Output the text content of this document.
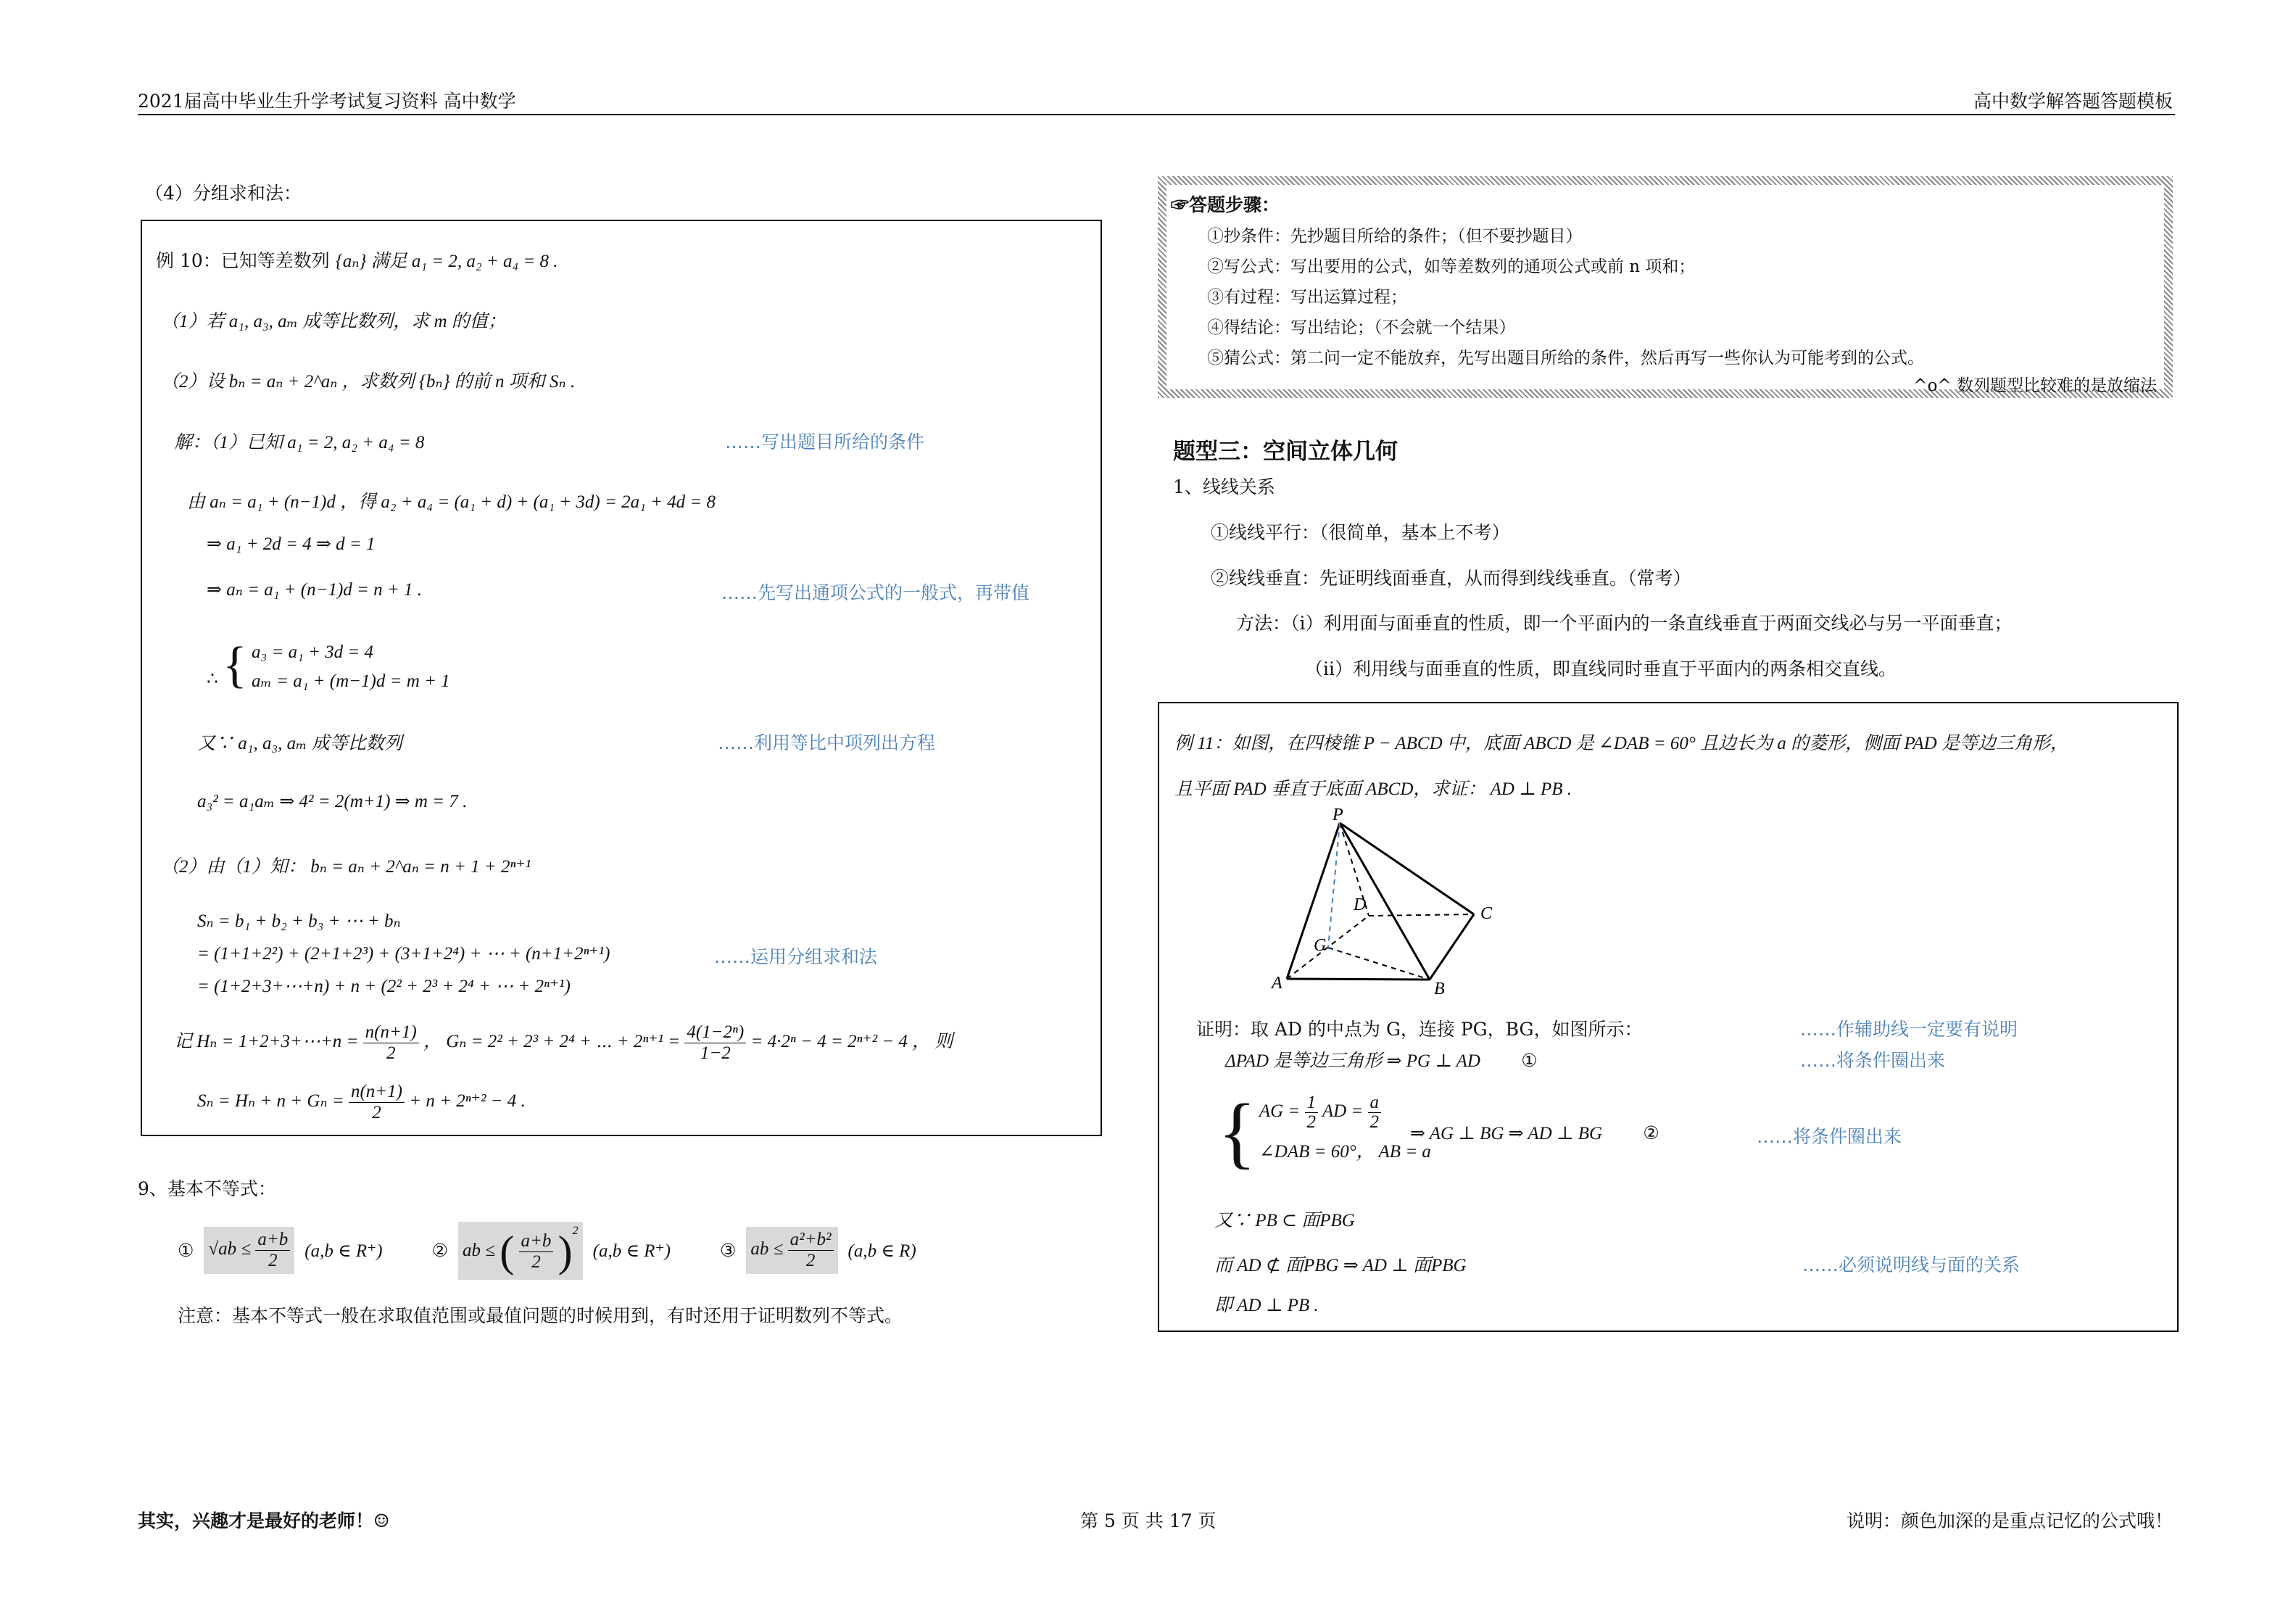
2021届高中毕业生升学考试复习资料 高中数学	高中数学解答题答题模板
（4）分组求和法：
例 10：已知等差数列 {aₙ} 满足 a₁ = 2, a₂ + a₄ = 8 .
（1）若 a₁, a₃, aₘ 成等比数列，求 m 的值；
（2）设 bₙ = aₙ + 2^aₙ ，求数列 {bₙ} 的前 n 项和 Sₙ .
解：（1）已知 a₁ = 2, a₂ + a₄ = 8	……写出题目所给的条件
由 aₙ = a₁ + (n−1)d ，得 a₂ + a₄ = (a₁ + d) + (a₁ + 3d) = 2a₁ + 4d = 8
⇒ a₁ + 2d = 4 ⇒ d = 1
⇒ aₙ = a₁ + (n−1)d = n + 1 .	……先写出通项公式的一般式，再带值
∴ { a₃ = a₁ + 3d = 4
aₘ = a₁ + (m−1)d = m + 1
又∵ a₁, a₃, aₘ 成等比数列	……利用等比中项列出方程
a₃² = a₁aₘ ⇒ 4² = 2(m+1) ⇒ m = 7 .
（2）由（1）知： bₙ = aₙ + 2^aₙ = n + 1 + 2ⁿ⁺¹
Sₙ = b₁ + b₂ + b₃ + ⋯ + bₙ
= (1+1+2²) + (2+1+2³) + (3+1+2⁴) + ⋯ + (n+1+2ⁿ⁺¹)	……运用分组求和法
= (1+2+3+⋯+n) + n + (2² + 2³ + 2⁴ + ⋯ + 2ⁿ⁺¹)
记 Hₙ = 1+2+3+⋯+n = $\frac{n(n+1)}{2}$ ， Gₙ = 2² + 2³ + 2⁴ + ⋯ + $2^{n+1} = \frac{\text{4(1−2ⁿ)}}{1-2} = 4\cdot 2^n - 4 = 2^{n+2} - 4$ ， 则
$S_n = H_n + n + G_n = \frac{n(n+1)}{2} + n + 2^{n+2} - 4$ .
9、基本不等式：
① $√ab \le \frac{a+b}{2} (a,b$ ∈ R⁺)	② ab ≤ ( $\frac{a+b}{2} )^2$
(a,b ∈ R⁺)	③ ab ≤ $\frac{\text{a²+b²}}{2} (a,b$ ∈ R)
注意：基本不等式一般在求取值范围或最值问题的时候用到，有时还用于证明数列不等式。
☞答题步骤：
①抄条件：先抄题目所给的条件；（但不要抄题目）
②写公式：写出要用的公式，如等差数列的通项公式或前 n 项和；
③有过程：写出运算过程；
④得结论：写出结论；（不会就一个结果）
⑤猜公式：第二问一定不能放弃，先写出题目所给的条件，然后再写一些你认为可能考到的公式。
^o^ 数列题型比较难的是放缩法
题型三：空间立体几何
1、线线关系
①线线平行：（很简单，基本上不考）
②线线垂直：先证明线面垂直，从而得到线线垂直。（常考）
方法：（i）利用面与面垂直的性质，即一个平面内的一条直线垂直于两面交线必与另一平面垂直；
（ii）利用线与面垂直的性质，即直线同时垂直于平面内的两条相交直线。
例 11：如图，在四棱锥 P − ABCD 中，底面 ABCD 是 ∠DAB = 60° 且边长为 a 的菱形，侧面 PAD 是等边三角形，
且平面 PAD 垂直于底面 ABCD，求证： AD ⊥ PB .
P
A	B
C
D
G
证明：取 AD 的中点为 G，连接 PG，BG，如图所示：	……作辅助线一定要有说明
ΔPAD 是等边三角形 ⇒ PG ⊥ AD ①	……将条件圈出来
{ AG = $\frac{1}{2}$ AD = $\frac{a}{2}$
∠DAB = 60°， AB = a
⇒ AG ⊥ BG ⇒ AD ⊥ BG ②	……将条件圈出来
又∵ PB ⊂ 面PBG
而 AD ⊄ 面PBG ⇒ AD ⊥ 面PBG	……必须说明线与面的关系
即 AD ⊥ PB .
其实，兴趣才是最好的老师！☺	第 5 页 共 17 页	说明：颜色加深的是重点记忆的公式哦！
